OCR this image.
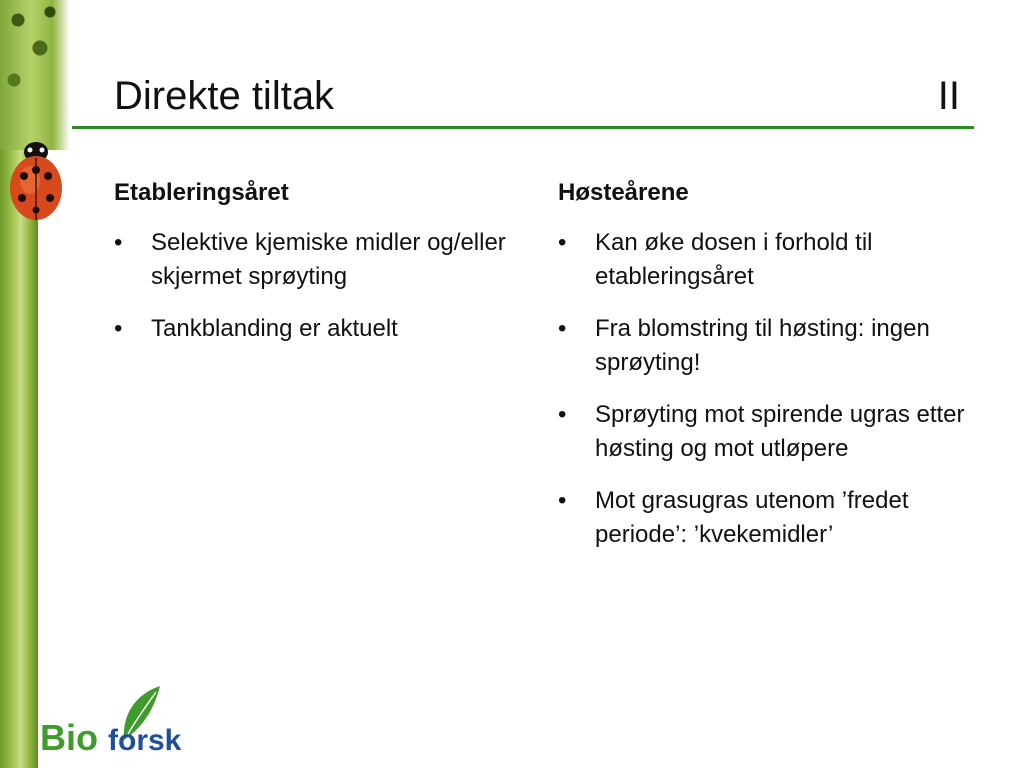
Direkte tiltak	II
Etableringsåret
• Selektive kjemiske midler og/eller skjermet sprøyting
• Tankblanding er aktuelt
Høsteårene
• Kan øke dosen i forhold til etableringsåret
• Fra blomstring til høsting: ingen sprøyting!
• Sprøyting mot spirende ugras etter høsting og mot utløpere
• Mot grasugras utenom ’fredet periode’: ’kvekemidler’
Bio forsk
